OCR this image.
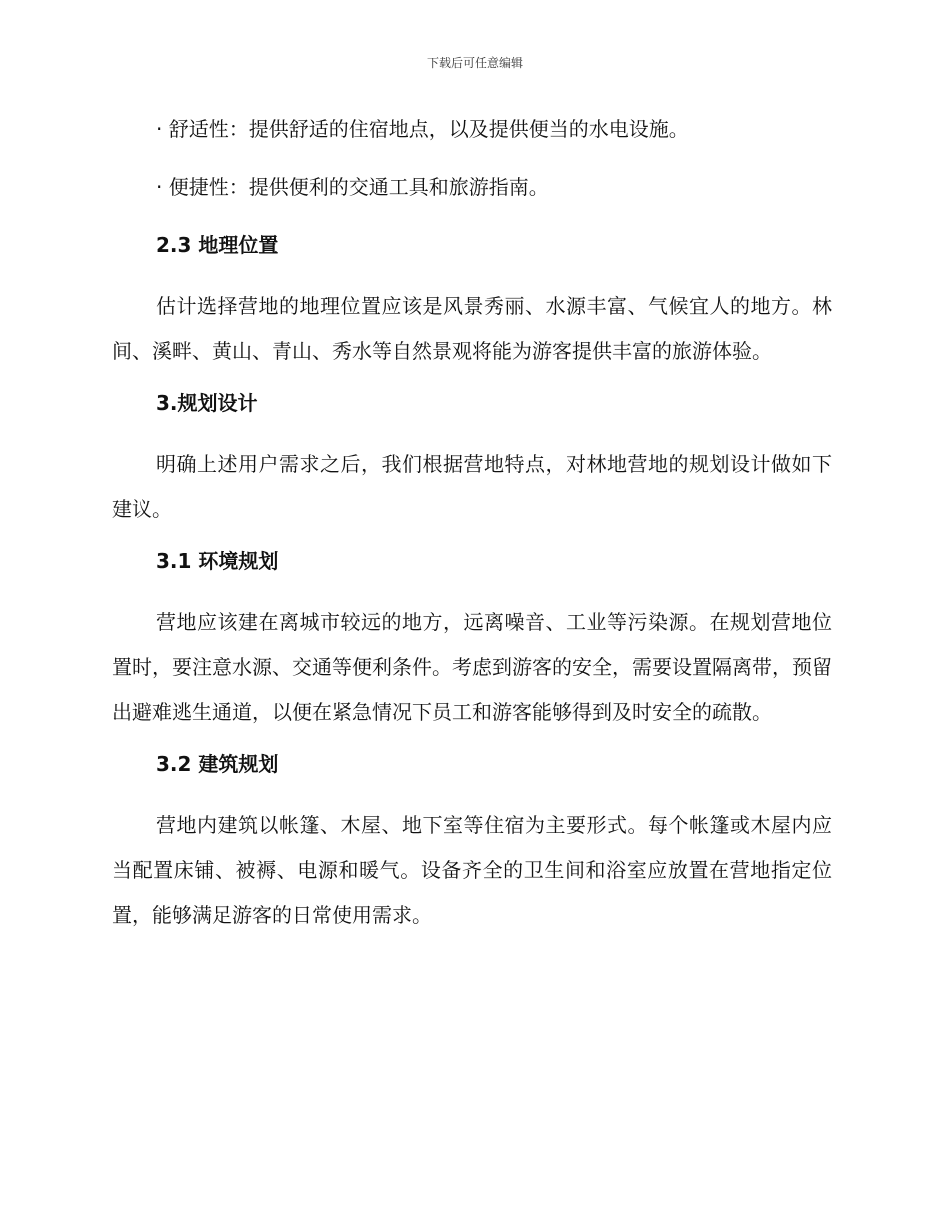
下载后可任意编辑

· 舒适性：提供舒适的住宿地点，以及提供便当的水电设施。

· 便捷性：提供便利的交通工具和旅游指南。

2.3 地理位置

估计选择营地的地理位置应该是风景秀丽、水源丰富、气候宜人的地方。林间、溪畔、黄山、青山、秀水等自然景观将能为游客提供丰富的旅游体验。

3.规划设计

明确上述用户需求之后，我们根据营地特点，对林地营地的规划设计做如下建议。

3.1 环境规划

营地应该建在离城市较远的地方，远离噪音、工业等污染源。在规划营地位置时，要注意水源、交通等便利条件。考虑到游客的安全，需要设置隔离带，预留出避难逃生通道，以便在紧急情况下员工和游客能够得到及时安全的疏散。

3.2 建筑规划

营地内建筑以帐篷、木屋、地下室等住宿为主要形式。每个帐篷或木屋内应当配置床铺、被褥、电源和暖气。设备齐全的卫生间和浴室应放置在营地指定位置，能够满足游客的日常使用需求。
